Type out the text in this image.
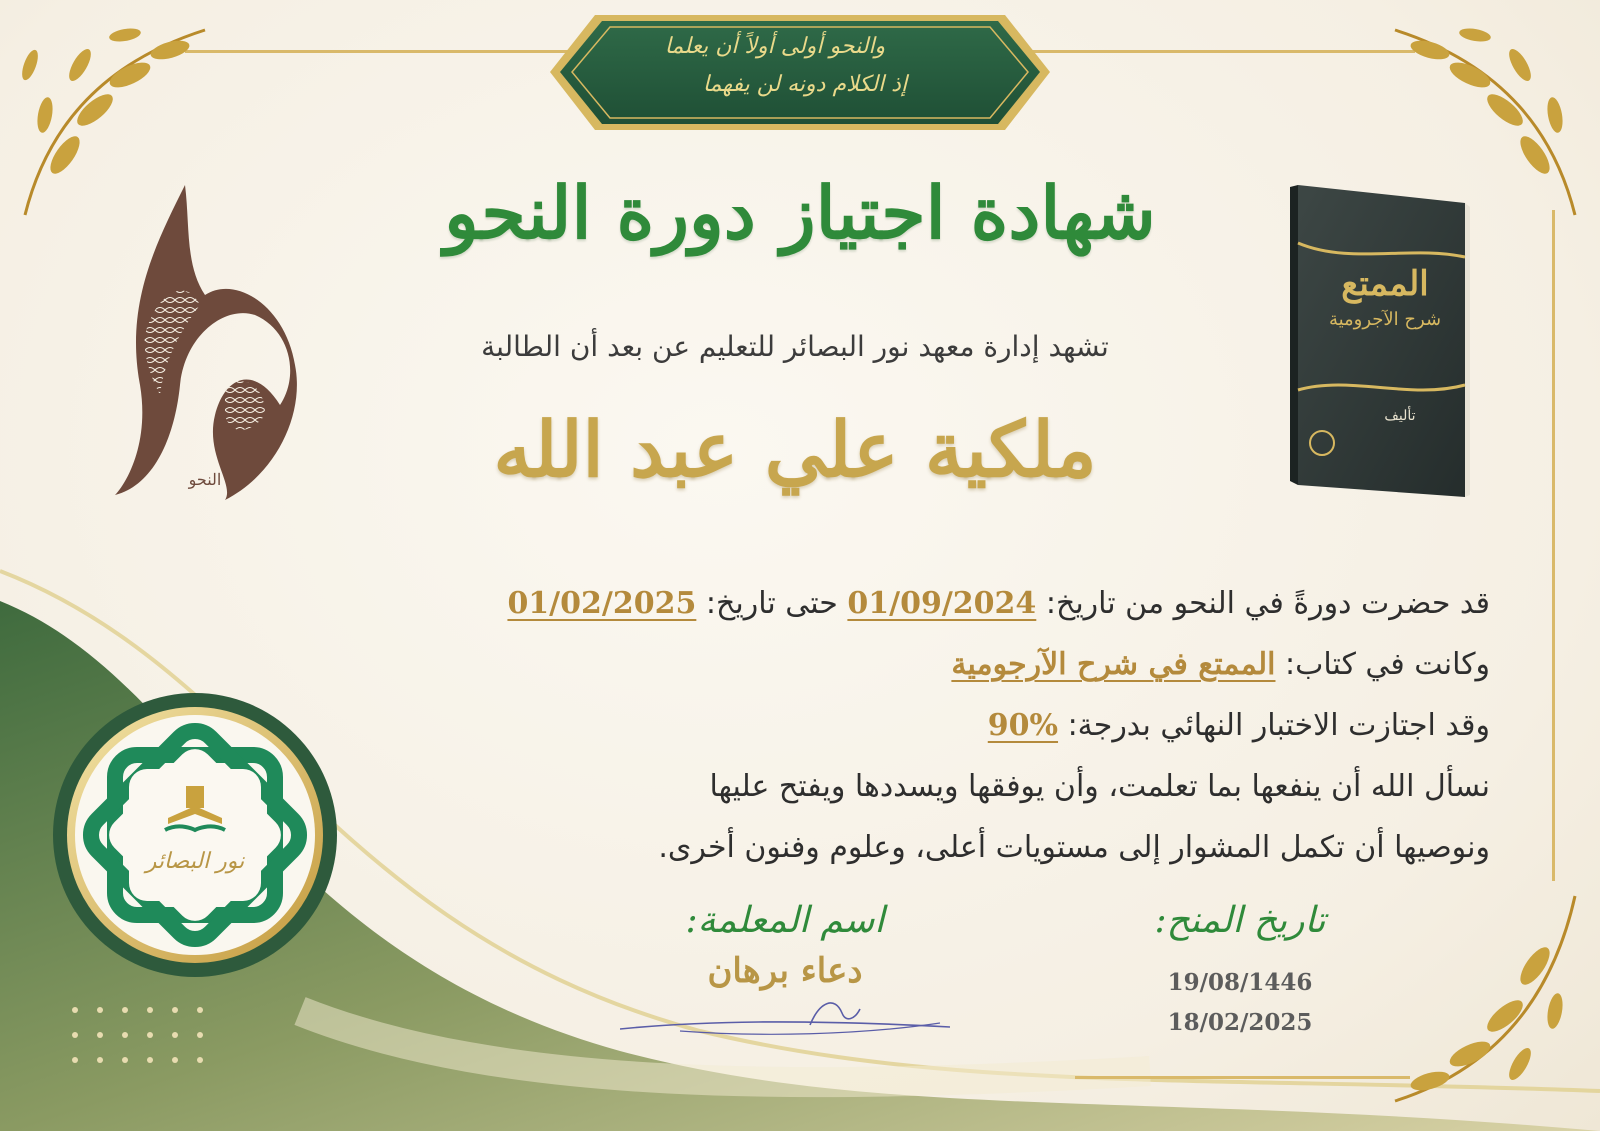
والنحو أولى أولاً أن يعلما
إذ الكلام دونه لن يفهما
النحو
الممتع
شرح الآجرومية
تأليف
شهادة اجتياز دورة النحو
تشهد إدارة معهد نور البصائر للتعليم عن بعد أن الطالبة
ملكية علي عبد الله
قد حضرت دورةً في النحو من تاريخ: 01/09/2024 حتى تاريخ: 01/02/2025
وكانت في كتاب: الممتع في شرح الآرجومية
وقد اجتازت الاختبار النهائي بدرجة: 90%
نسأل الله أن ينفعها بما تعلمت، وأن يوفقها ويسددها ويفتح عليها
ونوصيها أن تكمل المشوار إلى مستويات أعلى، وعلوم وفنون أخرى.
نور البصائر
اسم المعلمة:
دعاء برهان
تاريخ المنح:
19/08/1446
18/02/2025
